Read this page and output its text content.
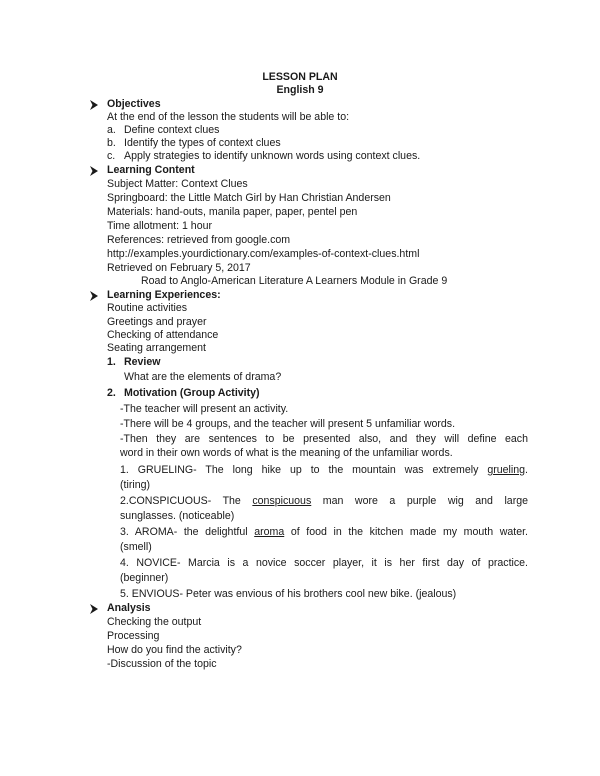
LESSON PLAN
English 9
Objectives
At the end of the lesson the students will be able to:
a. Define context clues
b. Identify the types of context clues
c. Apply strategies to identify unknown words using context clues.
Learning Content
Subject Matter: Context Clues
Springboard: the Little Match Girl by Han Christian Andersen
Materials: hand-outs, manila paper, paper, pentel pen
Time allotment: 1 hour
References: retrieved from google.com
http://examples.yourdictionary.com/examples-of-context-clues.html
Retrieved on February 5, 2017
Road to Anglo-American Literature A Learners Module in Grade 9
Learning Experiences:
Routine activities
Greetings and prayer
Checking of attendance
Seating arrangement
1. Review
What are the elements of drama?
2. Motivation (Group Activity)
-The teacher will present an activity.
-There will be 4 groups, and the teacher will present 5 unfamiliar words.
-Then they are sentences to be presented also, and they will define each
word in their own words of what is the meaning of the unfamiliar words.
1. GRUELING- The long hike up to the mountain was extremely grueling.
(tiring)
2.CONSPICUOUS- The conspicuous man wore a purple wig and large
sunglasses. (noticeable)
3. AROMA- the delightful aroma of food in the kitchen made my mouth water.
(smell)
4. NOVICE- Marcia is a novice soccer player, it is her first day of practice.
(beginner)
5. ENVIOUS- Peter was envious of his brothers cool new bike. (jealous)
Analysis
Checking the output
Processing
How do you find the activity?
-Discussion of the topic
